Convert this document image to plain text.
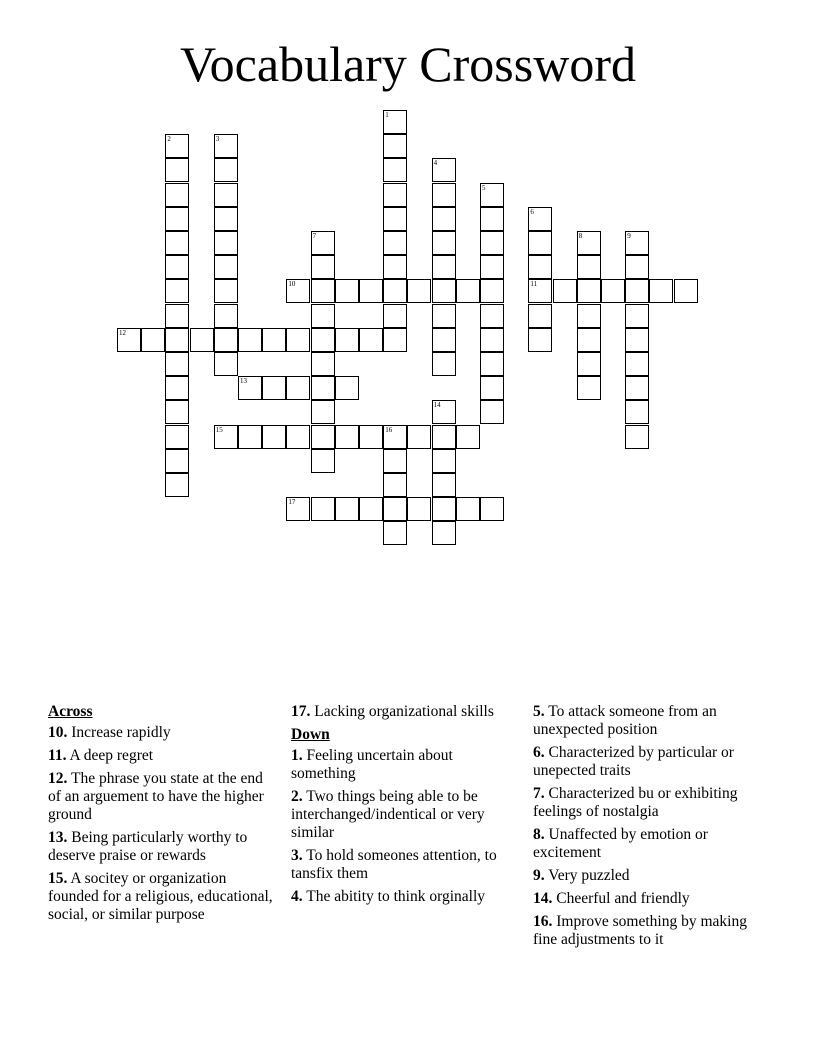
Vocabulary Crossword
1
2	3
4
5
6
11
7	8	9
10
12
13
14
15	16
17
Across
10. Increase rapidly
11. A deep regret
12. The phrase you state at the end of an arguement to have the higher ground
13. Being particularly worthy to deserve praise or rewards
15. A socitey or organization founded for a religious, educational, social, or similar purpose
17. Lacking organizational skills
Down
1. Feeling uncertain about something
2. Two things being able to be interchanged/indentical or very similar
3. To hold someones attention, to tansfix them
4. The abitity to think orginally
5. To attack someone from an unexpected position
6. Characterized by particular or unepected traits
7. Characterized bu or exhibiting feelings of nostalgia
8. Unaffected by emotion or excitement
9. Very puzzled
14. Cheerful and friendly
16. Improve something by making fine adjustments to it
